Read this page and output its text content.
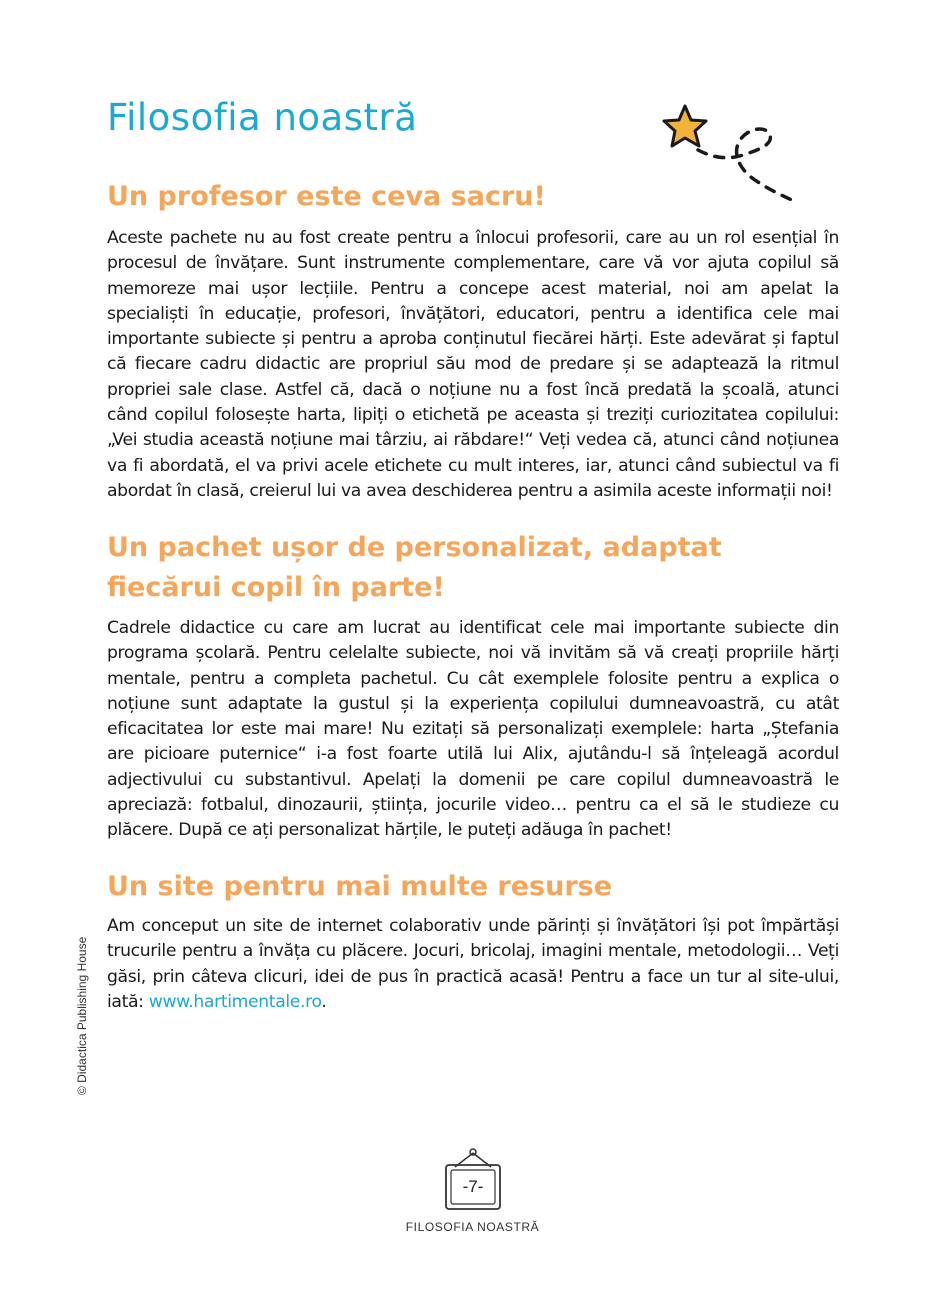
Filosofia noastră
Un profesor este ceva sacru!

Aceste pachete nu au fost create pentru a înlocui profesorii, care au un rol esențial în procesul de învățare. Sunt instrumente complementare, care vă vor ajuta copilul să memoreze mai ușor lecțiile. Pentru a concepe acest material, noi am apelat la specialiști în educație, profesori, învățători, educatori, pentru a identifica cele mai importante subiecte și pentru a aproba conținutul fiecărei hărți. Este adevărat și faptul că fiecare cadru didactic are propriul său mod de predare și se adaptează la ritmul propriei sale clase. Astfel că, dacă o noțiune nu a fost încă predată la școală, atunci când copilul folosește harta, lipiți o etichetă pe aceasta și treziți curiozitatea copilului: „Vei studia această noțiune mai târziu, ai răbdare!“ Veți vedea că, atunci când noțiunea va fi abordată, el va privi acele etichete cu mult interes, iar, atunci când subiectul va fi abordat în clasă, creierul lui va avea deschiderea pentru a asimila aceste informații noi!

Un pachet ușor de personalizat, adaptat fiecărui copil în parte!

Cadrele didactice cu care am lucrat au identificat cele mai importante subiecte din programa școlară. Pentru celelalte subiecte, noi vă invităm să vă creați propriile hărți mentale, pentru a completa pachetul. Cu cât exemplele folosite pentru a explica o noțiune sunt adaptate la gustul și la experiența copilului dumneavoastră, cu atât eficacitatea lor este mai mare! Nu ezitați să personalizați exemplele: harta „Ștefania are picioare puternice“ i-a fost foarte utilă lui Alix, ajutându-l să înțeleagă acordul adjectivului cu substantivul. Apelați la domenii pe care copilul dumneavoastră le apreciază: fotbalul, dinozaurii, știința, jocurile video… pentru ca el să le studieze cu plăcere. După ce ați personalizat hărțile, le puteți adăuga în pachet!

Un site pentru mai multe resurse

Am conceput un site de internet colaborativ unde părinți și învățători își pot împărtăși trucurile pentru a învăța cu plăcere. Jocuri, bricolaj, imagini mentale, metodologii… Veți găsi, prin câteva clicuri, idei de pus în practică acasă! Pentru a face un tur al site-ului, iată: www.hartimentale.ro.

© Didactica Publishing House
-7-
FILOSOFIA NOASTRĂ
